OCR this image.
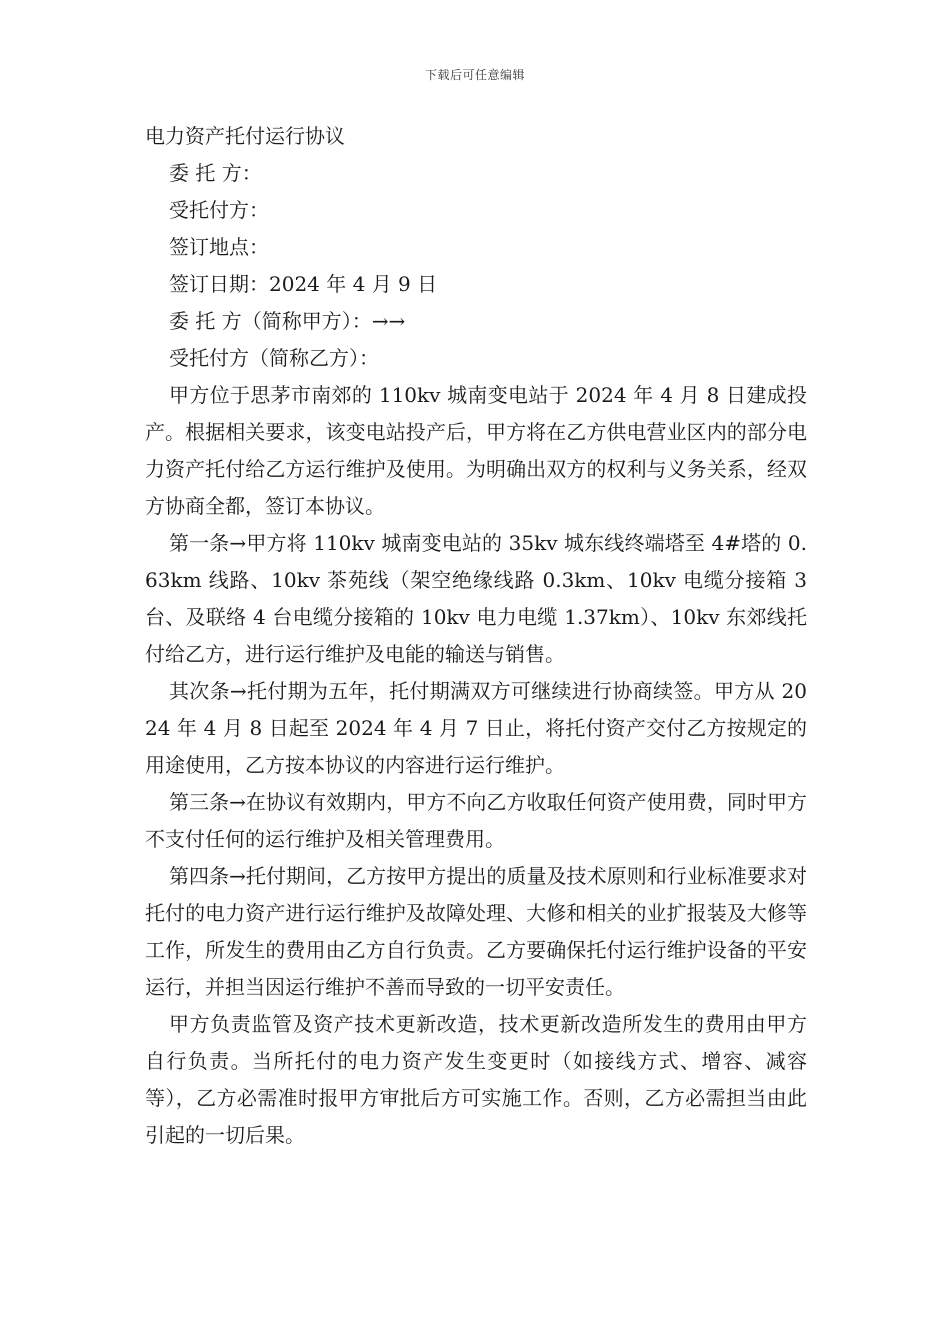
下载后可任意编辑
电力资产托付运行协议
委 托 方：
受托付方：
签订地点：
签订日期：2024 年 4 月 9 日
委 托 方（简称甲方）：→→
受托付方（简称乙方）：

甲方位于思茅市南郊的 110kv 城南变电站于 2024 年 4 月 8 日建成投产。根据相关要求，该变电站投产后，甲方将在乙方供电营业区内的部分电力资产托付给乙方运行维护及使用。为明确出双方的权利与义务关系，经双方协商全都，签订本协议。

第一条→甲方将 110kv 城南变电站的 35kv 城东线终端塔至 4#塔的 0.63km 线路、10kv 茶苑线（架空绝缘线路 0.3km、10kv 电缆分接箱 3 台、及联络 4 台电缆分接箱的 10kv 电力电缆 1.37km）、10kv 东郊线托付给乙方，进行运行维护及电能的输送与销售。

其次条→托付期为五年，托付期满双方可继续进行协商续签。甲方从 2024 年 4 月 8 日起至 2024 年 4 月 7 日止，将托付资产交付乙方按规定的用途使用，乙方按本协议的内容进行运行维护。

第三条→在协议有效期内，甲方不向乙方收取任何资产使用费，同时甲方不支付任何的运行维护及相关管理费用。

第四条→托付期间，乙方按甲方提出的质量及技术原则和行业标准要求对托付的电力资产进行运行维护及故障处理、大修和相关的业扩报装及大修等工作，所发生的费用由乙方自行负责。乙方要确保托付运行维护设备的平安运行，并担当因运行维护不善而导致的一切平安责任。

甲方负责监管及资产技术更新改造，技术更新改造所发生的费用由甲方自行负责。当所托付的电力资产发生变更时（如接线方式、增容、减容等），乙方必需准时报甲方审批后方可实施工作。否则，乙方必需担当由此引起的一切后果。
